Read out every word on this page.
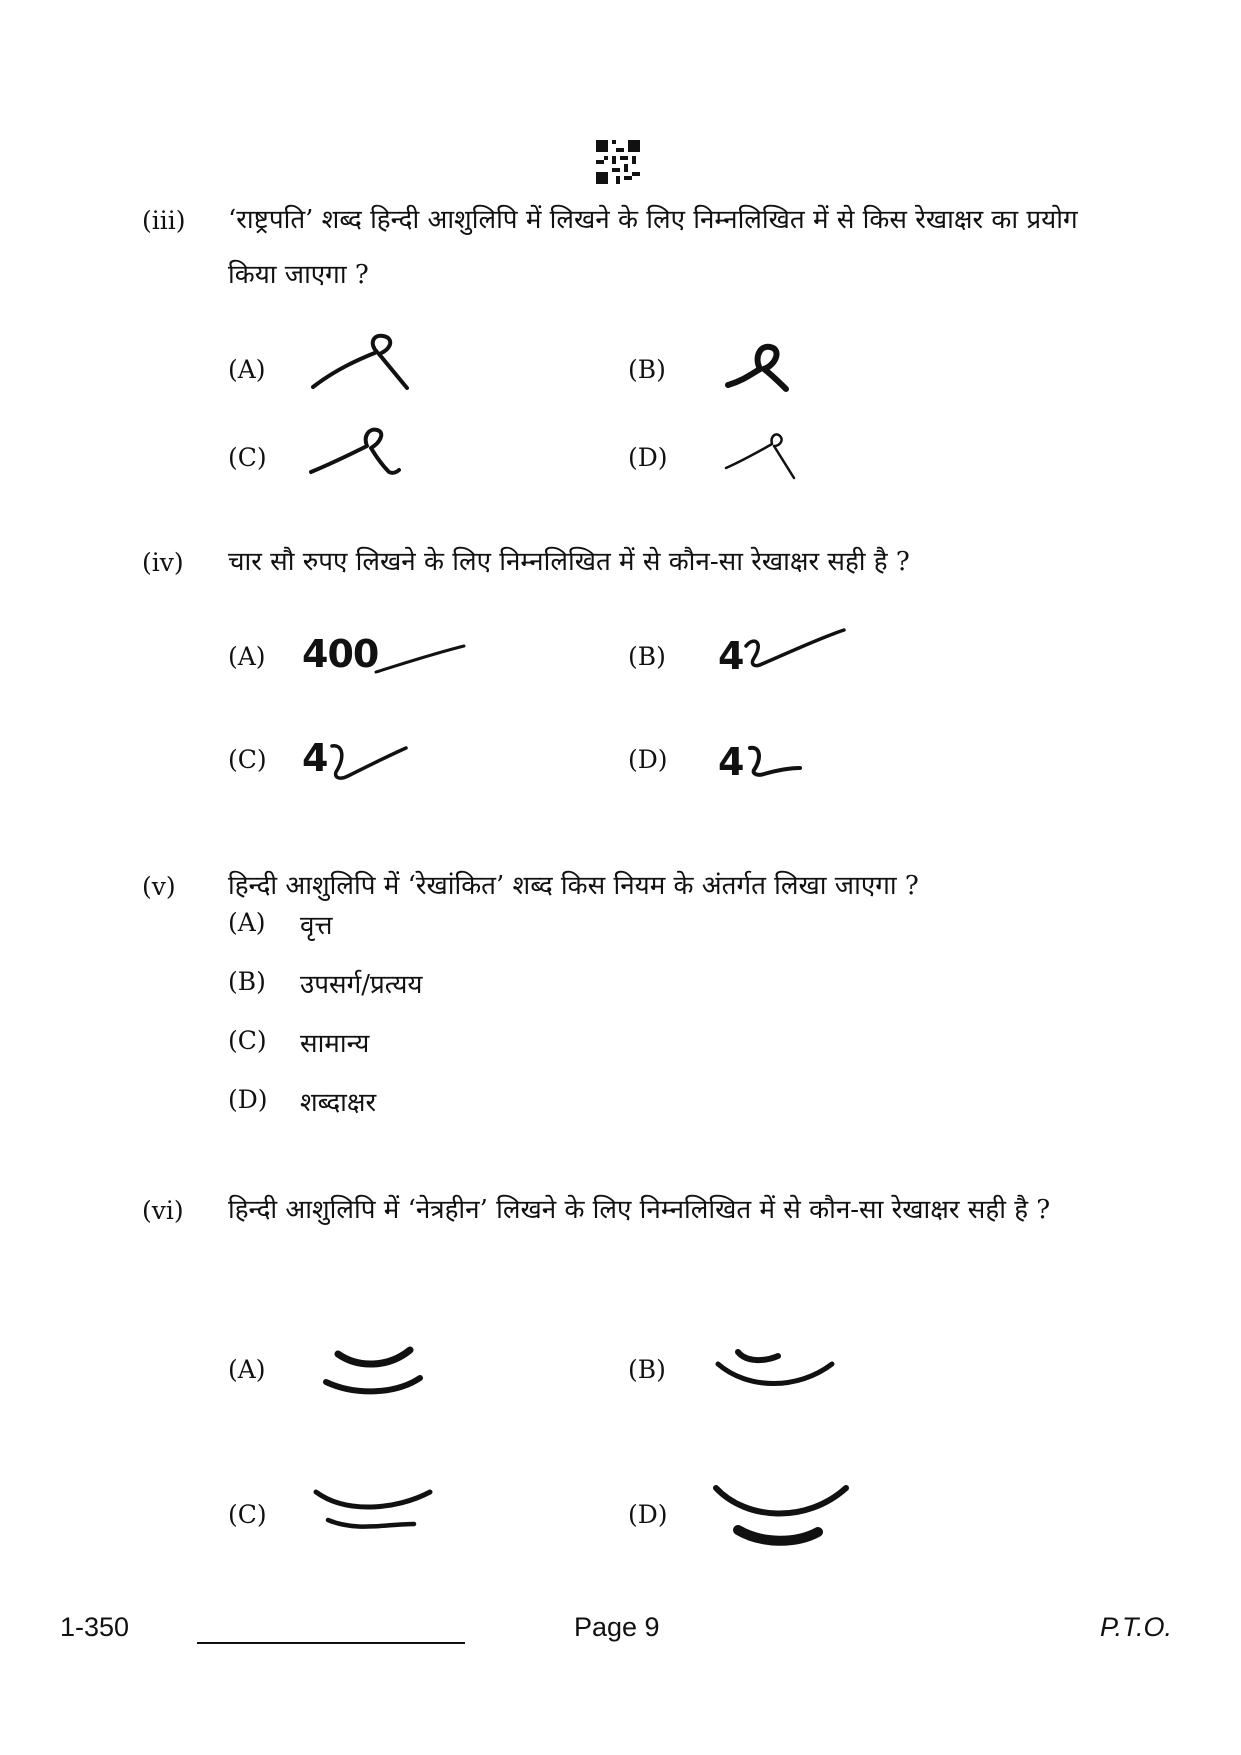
(iii) ‘राष्ट्रपति’ शब्द हिन्दी आशुलिपि में लिखने के लिए निम्नलिखित में से किस रेखाक्षर का प्रयोग किया जाएगा ?
(A)	(B)
(C)	(D)
(iv) चार सौ रुपए लिखने के लिए निम्नलिखित में से कौन-सा रेखाक्षर सही है ?
(A) 400	(B) 4
(C) 4	(D) 4
(v) हिन्दी आशुलिपि में ‘रेखांकित’ शब्द किस नियम के अंतर्गत लिखा जाएगा ?
(A) वृत्त
(B) उपसर्ग/प्रत्यय
(C) सामान्य
(D) शब्दाक्षर
(vi) हिन्दी आशुलिपि में ‘नेत्रहीन’ लिखने के लिए निम्नलिखित में से कौन-सा रेखाक्षर सही है ?
(A)	(B)
(C)	(D)
1-350	Page 9	P.T.O.
